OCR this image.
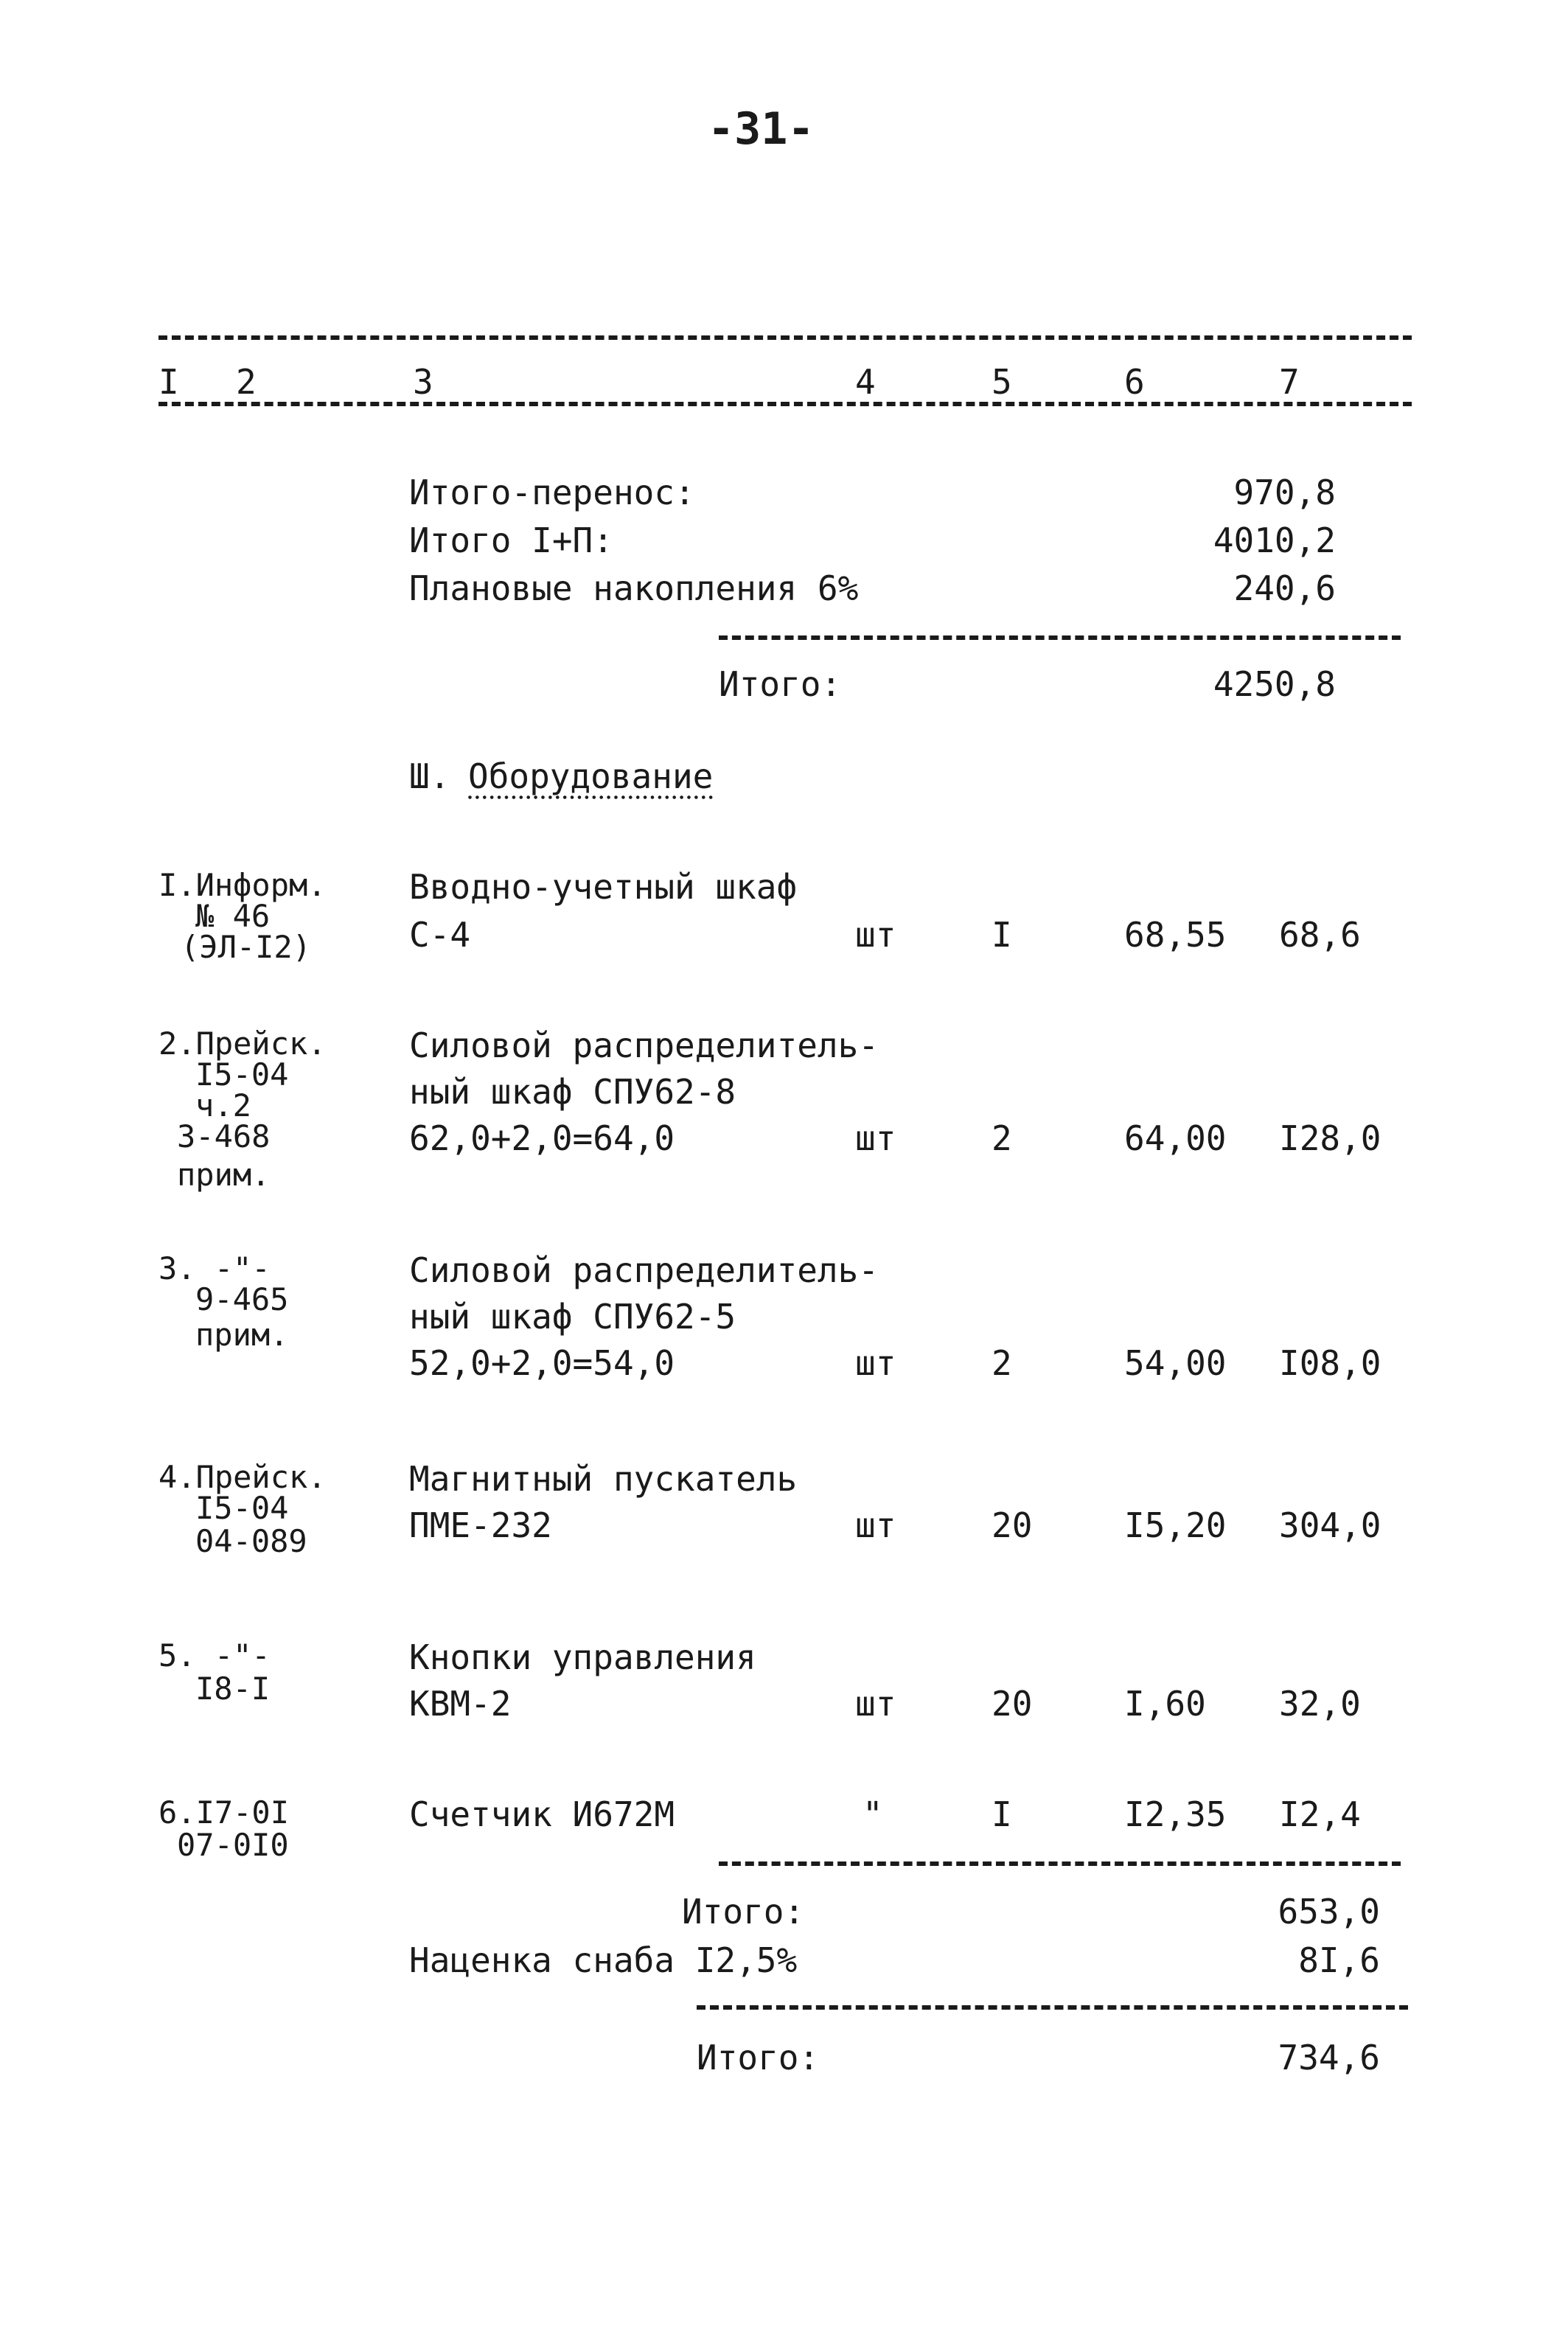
-31-
I 2	3	4	5	6	7
Итого-перенос:	970,8
Итого I+П:	4010,2
Плановые накопления 6%	240,6
Итого:	4250,8
Ш. Оборудование
I.Информ.
№ 46
(ЭЛ-I2)
Вводно-учетный шкаф
С-4	шт	I	68,55 68,6
2.Прейск.
I5-04
ч.2
3-468
прим.
Силовой распределитель-
ный шкаф СПУ62-8
62,0+2,0=64,0	шт	2	64,00 I28,0
3. -"-
9-465
прим.
Силовой распределитель-
ный шкаф СПУ62-5
52,0+2,0=54,0	шт	2	54,00 I08,0
4.Прейск.
I5-04
04-089
Магнитный пускатель
ПМЕ-232	шт	20	I5,20 304,0
5. -"-
I8-I
Кнопки управления
КВМ-2	шт	20	I,60 32,0
6.I7-0I
07-0I0
Счетчик И672М	"	I	I2,35 I2,4
Итого:	653,0
Наценка снаба I2,5%	8I,6
Итого:	734,6
